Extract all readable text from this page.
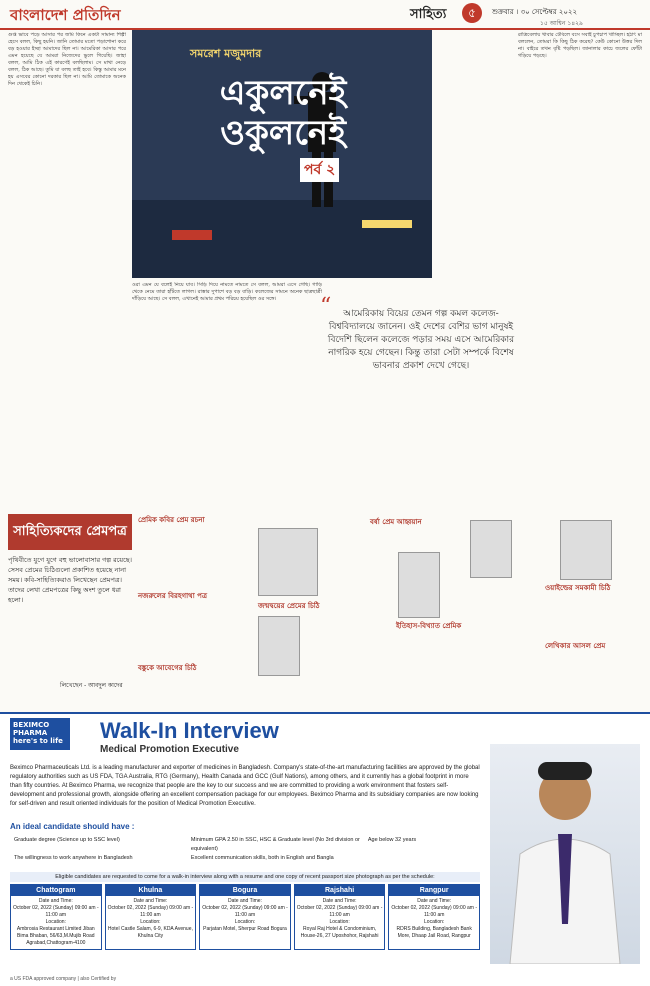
বাংলাদেশ প্রতিদিন	সাহিত্য	৫	শুক্রবার । ৩০ সেপ্টেম্বর ২০২২
১৫ আশ্বিন ১৪২৯

গুপ্ত ভাবে পড়ে আসার পর জমি কিনে একটা সামান্য শিল্পী হেসে বলল, কিছু হয়নি। জানি তোমার মতো পড়াশোনা করে বড় হওয়ার ইচ্ছা আমাদের ছিল না। আমেরিকা আসার পরে এমন হয়েছে যে আমরা নিজেদের ভুলে গিয়েছি। জাহা বলল, আমি ঠিক এই কারণেই বলছিলাম। সে মাথা নেড়ে বলল, ঠিক আছে। তুমি যা বলছ তাই হবে। কিন্তু আমার মনে হয় এসবের কোনো দরকার ছিল না। আমি তোমাকে অনেক দিন থেকেই চিনি।

সমরেশ মজুমদার
একুলনেই ওকুলনেই
পর্ব ২

ওরা এমন যে বলেই নিয়ে যাব। সিঁড়ি দিয়ে নামতে নামতে সে বলল, আমরা এসে গেছি। গাড়ি থেকে নেমে তারা হাঁটতে লাগল। রাস্তার দুপাশে বড় বড় বাড়ি। কলেজের সামনে অনেক ছাত্রছাত্রী দাঁড়িয়ে আছে। সে বলল, এখানেই আমার প্রথম পরিচয় হয়েছিল ওর সঙ্গে।	“ আমেরিকায় বিয়ের তেমন গল্প কমল কলেজ-বিশ্ববিদ্যালয়ে জানেন। ওই দেশের বেশির ভাগ মানুষই বিদেশি ছিলেন কলেজে পড়ার সময় এসে আমেরিকার নাগরিক হয়ে গেছেন। কিন্তু তারা সেটা সম্পর্কে বিশেষ ভাবনার প্রকাশ দেখে গেছে।

রাত্রিবেলায় খাবার টেবিলে বসে সবাই চুপচাপ খাচ্ছিল। হঠাৎ মা বললেন, তোমরা কি কিছু ঠিক করেছ? কেউ কোনো উত্তর দিল না। বাইরে তখন বৃষ্টি পড়ছিল। জানালার কাচে জলের ফোঁটা গড়িয়ে পড়ছে।

সাহিত্যিকদের প্রেমপত্র
পৃথিবীতে যুগে যুগে বহু ভালোবাসার গল্প রয়েছে। সেসব প্রেমের চিঠিগুলো প্রকাশিত হয়েছে নানা সময়। কবি-সাহিত্যিকরাও লিখেছেন প্রেমপত্র। তাদের লেখা প্রেমপত্রের কিছু অংশ তুলে ধরা হলো।
লিখেছেন - আবদুল কাদের
প্রেমিক কবির প্রেম রচনা
নজরুলের বিরহগাথা পত্র
বঙ্কুকে আবেগের চিঠি
জন্মদ্বয়ের প্রেমের চিঠি
বর্ষা প্রেম আহ্বয়ান
ইতিহাস-বিখ্যাত প্রেমিক
ওয়াইল্ডের সমকামী চিঠি
লেখিকার আসল প্রেম
BEXIMCO PHARMA
here's to life Walk-In Interview
Medical Promotion Executive
Beximco Pharmaceuticals Ltd. is a leading manufacturer and exporter of medicines in Bangladesh. Company's state-of-the-art manufacturing facilities are approved by the global regulatory authorities such as US FDA, TGA Australia, RTG (Germany), Health Canada and GCC (Gulf Nations), among others, and it currently has a global footprint in more than fifty countries. At Beximco Pharma, we recognize that people are the key to our success and we are committed to providing a work environment that fosters self-development and professional growth, alongside offering an excellent compensation package for our employees. Beximco Pharma and its subsidiary companies are now looking for self-driven and result oriented individuals for the position of Medical Promotion Executive.
An ideal candidate should have :
Graduate degree (Science up to SSC level)	Minimum GPA 2.50 in SSC, HSC & Graduate level (No 3rd division or equivalent)
Age below 32 years
The willingness to work anywhere in Bangladesh	Excellent communication skills, both in English and Bangla
Eligible candidates are requested to come for a walk-in interview along with a resume and one copy of recent passport size photograph as per the schedule:
Chattogram
Date and Time:
October 02, 2022 (Sunday) 09:00 am - 11:00 am
Location:
Ambrosia Restaurant Limited Jiban Bima Bhaban, 56/63,M.Mujib Road Agrabad,Chattogram-4100
Khulna
Date and Time:
October 02, 2022 (Sunday) 09:00 am - 11:00 am
Location:
Hotel Castle Salam, 6-9, KDA Avenue, Khulna City
Bogura
Date and Time:
October 02, 2022 (Sunday) 09:00 am - 11:00 am
Location:
Parjatan Motel, Sherpur Road Bogura
Rajshahi
Date and Time:
October 02, 2022 (Sunday) 09:00 am - 11:00 am
Location:
Royal Raj Hotel & Condominium, House-26, 27 Uposhohor, Rajshahi
Rangpur
Date and Time:
October 02, 2022 (Sunday) 09:00 am - 11:00 am
Location:
RDRS Building, Bangladesh Bank More, Dhaap Jail Road, Rangpur
a US FDA approved company | also Certified by
